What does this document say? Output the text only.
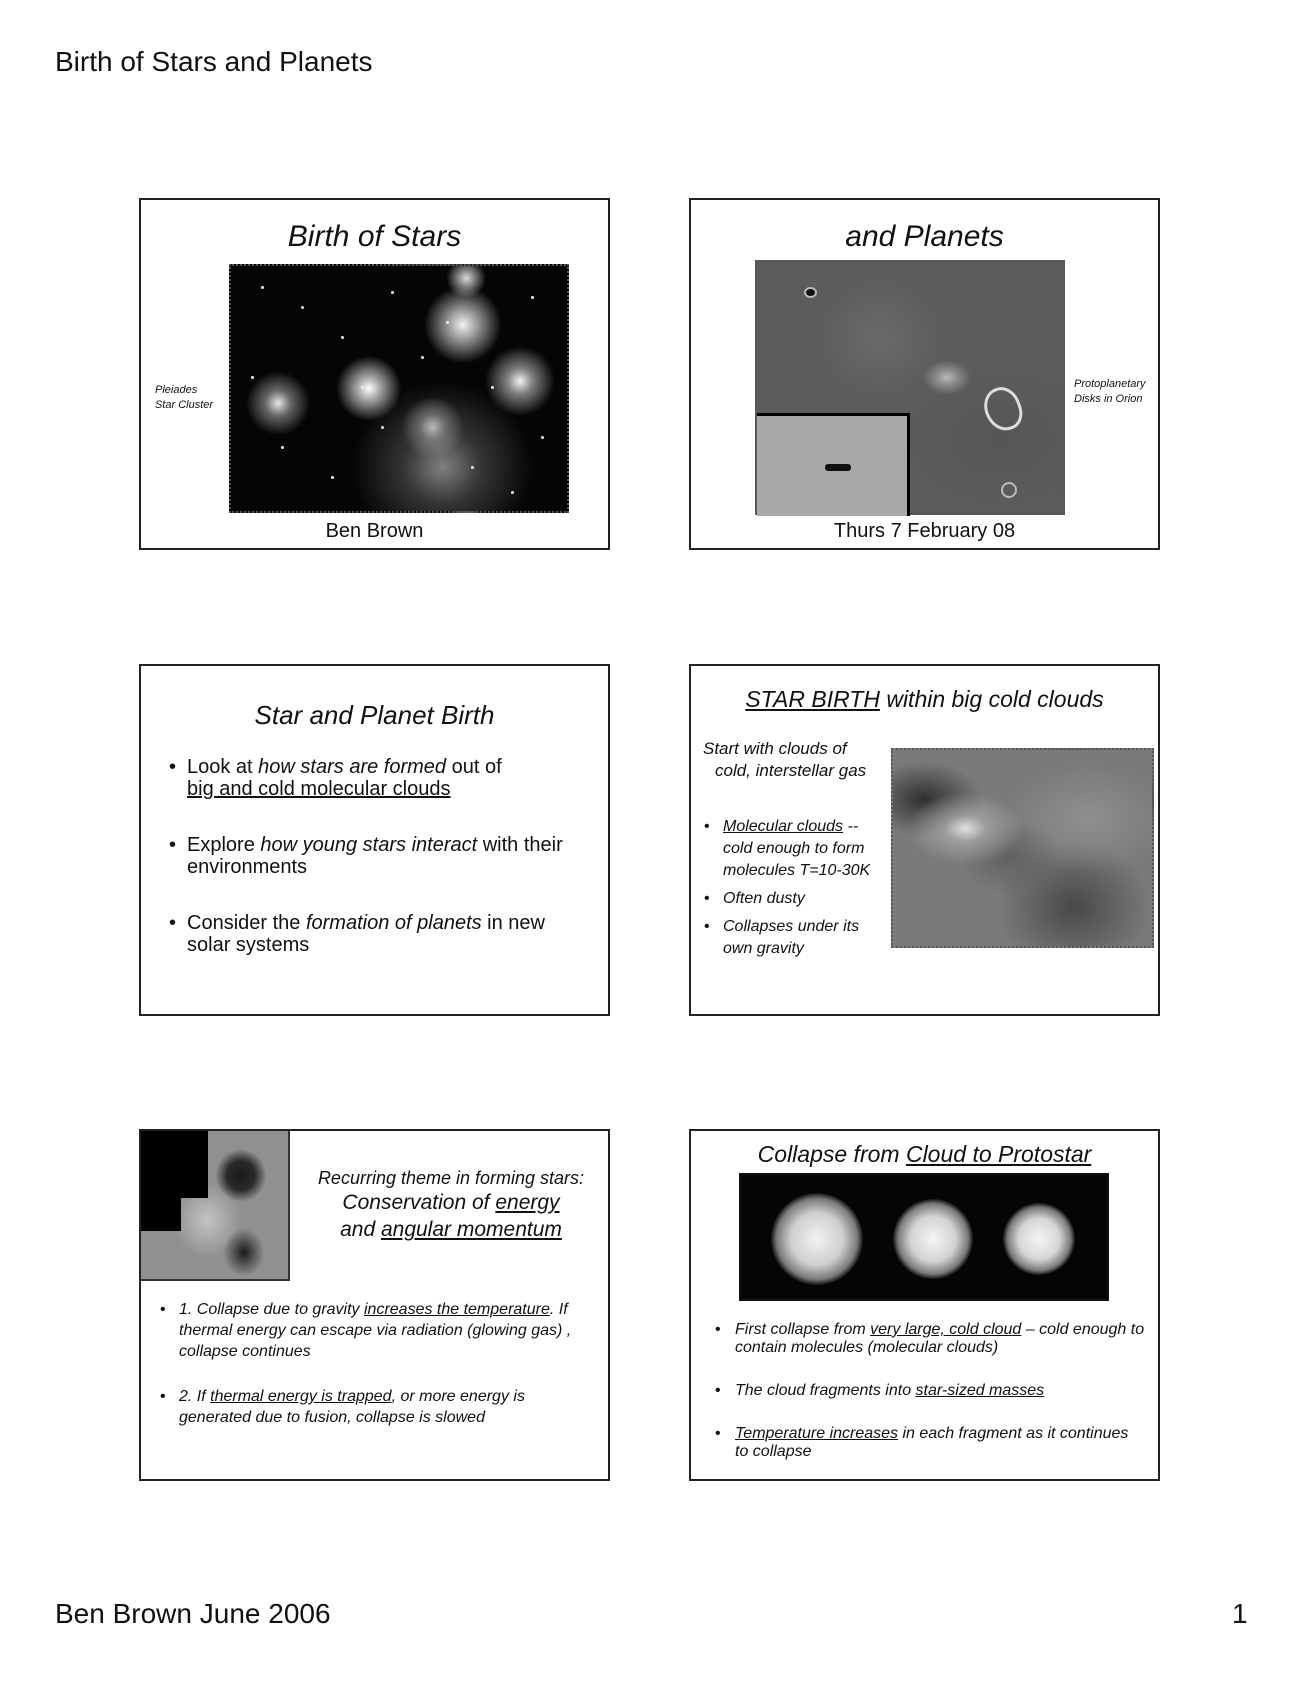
Birth of Stars and Planets
Birth of Stars
Pleiades
Star Cluster
Ben Brown
and Planets
Protoplanetary
Disks in Orion
Thurs 7 February 08
Star and Planet Birth
• Look at how stars are formed out of
big and cold molecular clouds
• Explore how young stars interact with their environments
• Consider the formation of planets in new solar systems
STAR BIRTH within big cold clouds
Start with clouds of
cold, interstellar gas
• Molecular clouds -- cold enough to form molecules T=10-30K
• Often dusty
• Collapses under its own gravity
Recurring theme in forming stars:
Conservation of energy
and angular momentum
• 1. Collapse due to gravity increases the temperature. If thermal energy can escape via radiation (glowing gas) , collapse continues
• 2. If thermal energy is trapped, or more energy is generated due to fusion, collapse is slowed
Collapse from Cloud to Protostar
• First collapse from very large, cold cloud – cold enough to contain molecules (molecular clouds)
• The cloud fragments into star-sized masses
• Temperature increases in each fragment as it continues to collapse
Ben Brown June 2006	1
